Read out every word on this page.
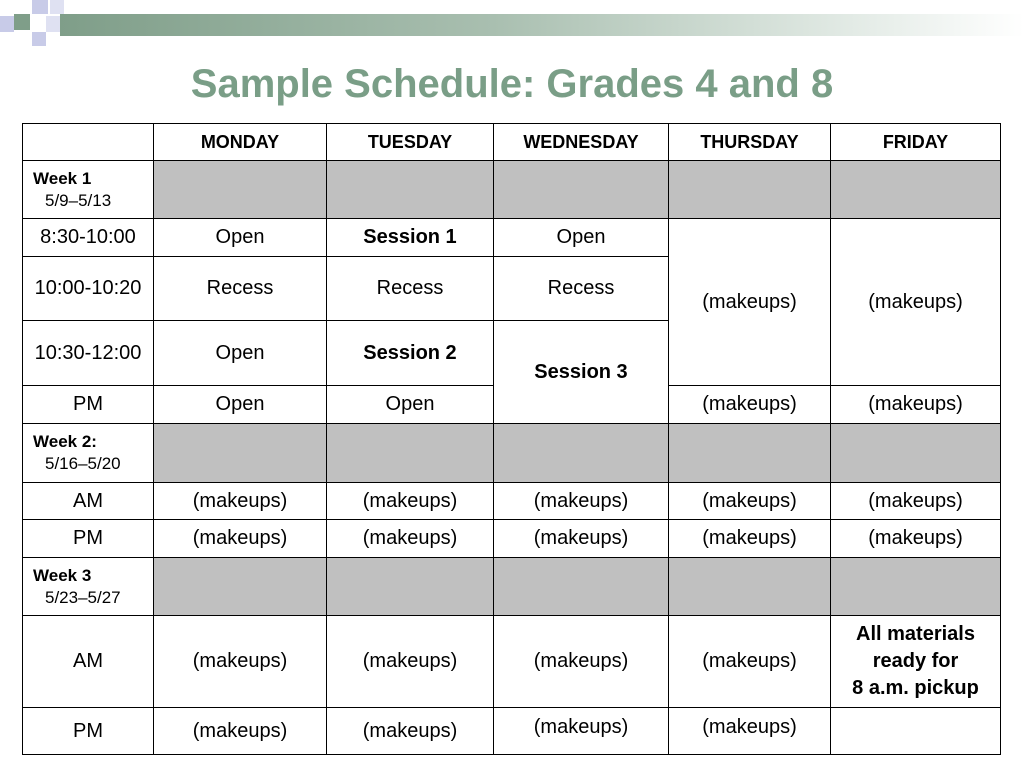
Sample Schedule: Grades 4 and 8
	MONDAY	TUESDAY	WEDNESDAY	THURSDAY	FRIDAY

Week 1
5/9–5/13					

8:30-10:00	Open	Session 1	Open	(makeups)	(makeups)
10:00-10:20	Recess	Recess	Recess		
10:30-12:00	Open	Session 2	Session 3		
PM	Open	Open		(makeups)	(makeups)

Week 2:
5/16–5/20					

AM	(makeups)	(makeups)	(makeups)	(makeups)	(makeups)
PM	(makeups)	(makeups)	(makeups)	(makeups)	(makeups)

Week 3
5/23–5/27					

AM	(makeups)	(makeups)	(makeups)	(makeups)	All materials
ready for
8 a.m. pickup

PM	(makeups)	(makeups)	(makeups)	(makeups)	
